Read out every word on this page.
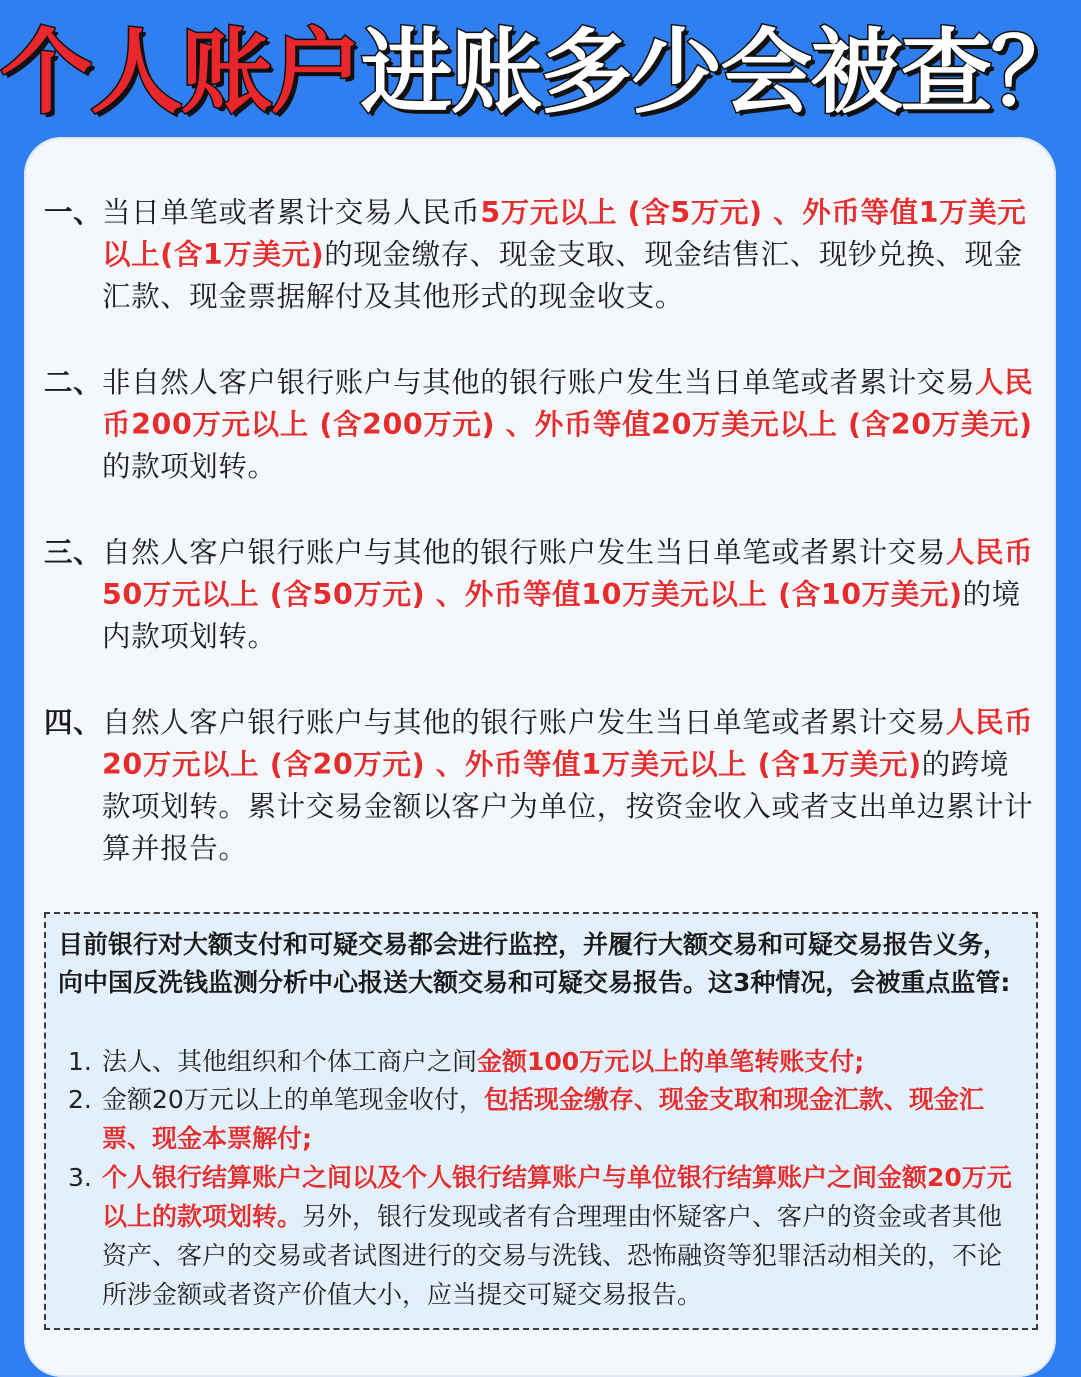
个人账户 进账多少会被查？
一、 当日单笔或者累计交易人民币5万元以上 (含5万元) 、外币等值1万美元以上(含1万美元)的现金缴存、现金支取、现金结售汇、现钞兑换、现金汇款、现金票据解付及其他形式的现金收支。
二、 非自然人客户银行账户与其他的银行账户发生当日单笔或者累计交易人民币200万元以上 (含200万元) 、外币等值20万美元以上 (含20万美元) 的款项划转。
三、 自然人客户银行账户与其他的银行账户发生当日单笔或者累计交易人民币50万元以上 (含50万元) 、外币等值10万美元以上 (含10万美元)的境内款项划转。
四、 自然人客户银行账户与其他的银行账户发生当日单笔或者累计交易人民币20万元以上 (含20万元) 、外币等值1万美元以上 (含1万美元)的跨境款项划转。累计交易金额以客户为单位，按资金收入或者支出单边累计计算并报告。
目前银行对大额支付和可疑交易都会进行监控，并履行大额交易和可疑交易报告义务，向中国反洗钱监测分析中心报送大额交易和可疑交易报告。这3种情况，会被重点监管:
1. 法人、其他组织和个体工商户之间金额100万元以上的单笔转账支付;
2. 金额20万元以上的单笔现金收付，包括现金缴存、现金支取和现金汇款、现金汇票、现金本票解付;
3. 个人银行结算账户之间以及个人银行结算账户与单位银行结算账户之间金额20万元以上的款项划转。另外，银行发现或者有合理理由怀疑客户、客户的资金或者其他资产、客户的交易或者试图进行的交易与洗钱、恐怖融资等犯罪活动相关的，不论所涉金额或者资产价值大小，应当提交可疑交易报告。
